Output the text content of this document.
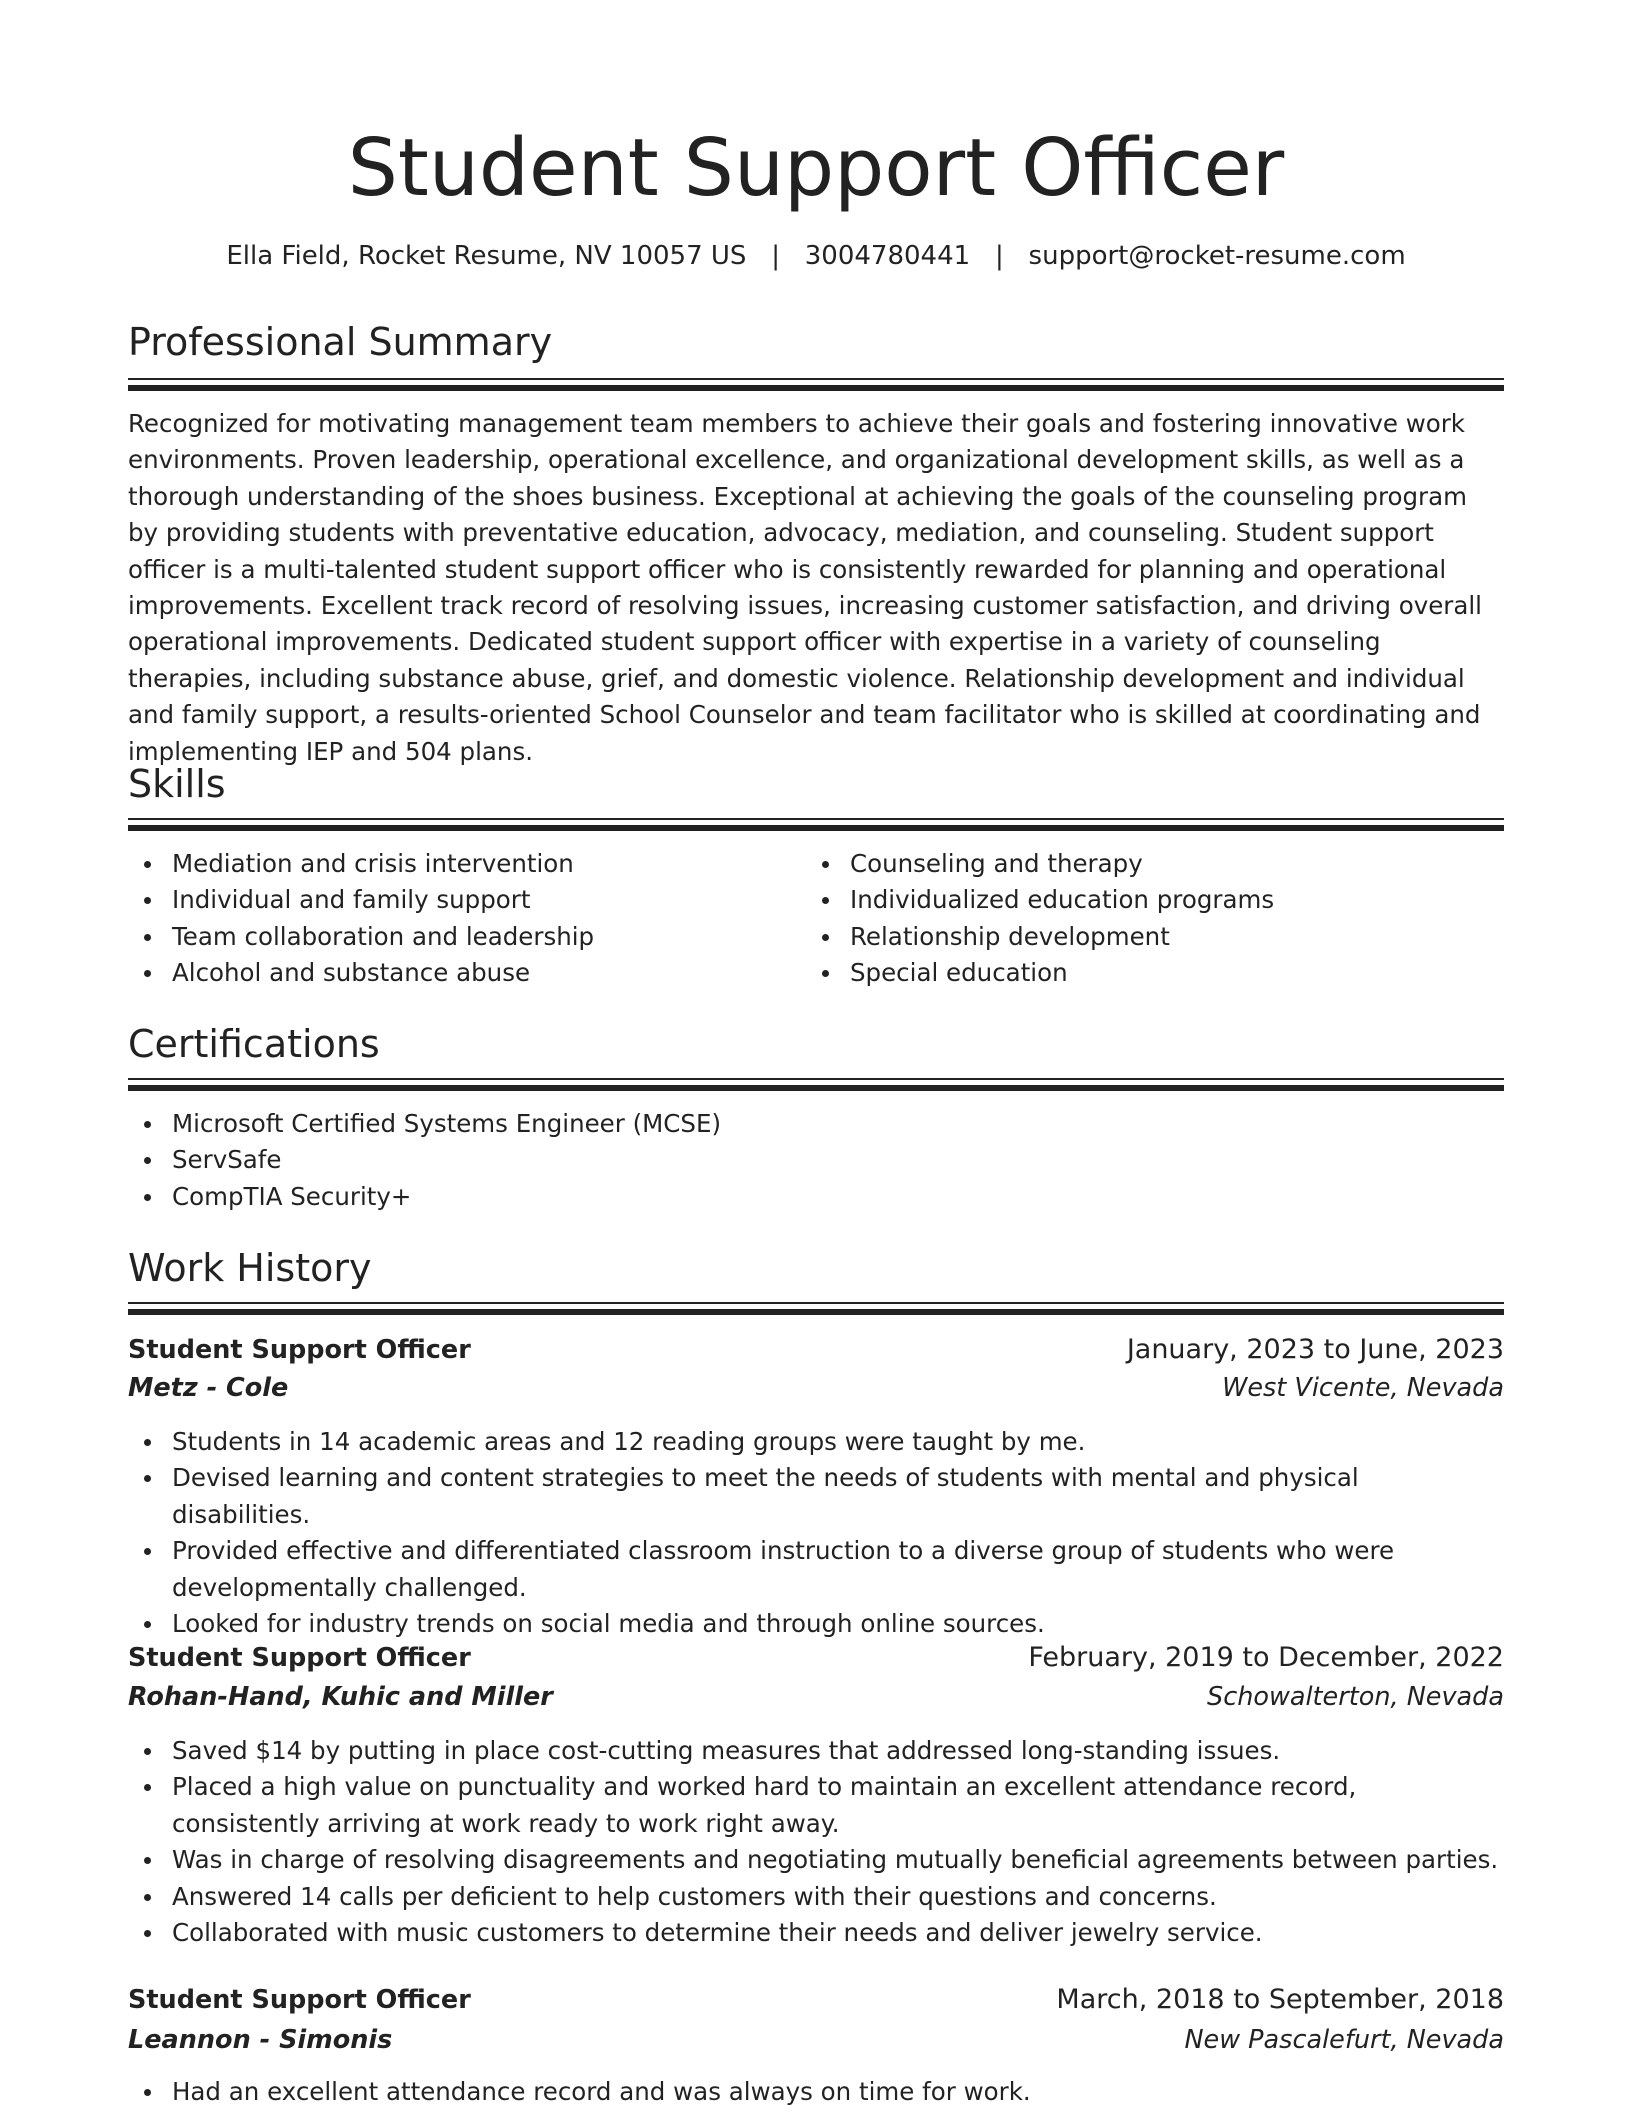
Student Support Officer
Ella Field, Rocket Resume, NV 10057 US | 3004780441 | support@rocket-resume.com
Professional Summary

Recognized for motivating management team members to achieve their goals and fostering innovative work environments. Proven leadership, operational excellence, and organizational development skills, as well as a thorough understanding of the shoes business. Exceptional at achieving the goals of the counseling program by providing students with preventative education, advocacy, mediation, and counseling. Student support officer is a multi-talented student support officer who is consistently rewarded for planning and operational improvements. Excellent track record of resolving issues, increasing customer satisfaction, and driving overall operational improvements. Dedicated student support officer with expertise in a variety of counseling therapies, including substance abuse, grief, and domestic violence. Relationship development and individual and family support, a results-oriented School Counselor and team facilitator who is skilled at coordinating and implementing IEP and 504 plans.

Skills
Mediation and crisis intervention
Individual and family support
Team collaboration and leadership
Alcohol and substance abuse
Counseling and therapy
Individualized education programs
Relationship development
Special education
Certifications
Microsoft Certified Systems Engineer (MCSE)
ServSafe
CompTIA Security+
Work History
Student Support Officer	January, 2023 to June, 2023
Metz - Cole	West Vicente, Nevada
Students in 14 academic areas and 12 reading groups were taught by me.
Devised learning and content strategies to meet the needs of students with mental and physical disabilities.
Provided effective and differentiated classroom instruction to a diverse group of students who were developmentally challenged.
Looked for industry trends on social media and through online sources.
Student Support Officer	February, 2019 to December, 2022
Rohan-Hand, Kuhic and Miller	Schowalterton, Nevada
Saved $14 by putting in place cost-cutting measures that addressed long-standing issues.
Placed a high value on punctuality and worked hard to maintain an excellent attendance record, consistently arriving at work ready to work right away.
Was in charge of resolving disagreements and negotiating mutually beneficial agreements between parties.
Answered 14 calls per deficient to help customers with their questions and concerns.
Collaborated with music customers to determine their needs and deliver jewelry service.
Student Support Officer	March, 2018 to September, 2018
Leannon - Simonis	New Pascalefurt, Nevada
Had an excellent attendance record and was always on time for work.
